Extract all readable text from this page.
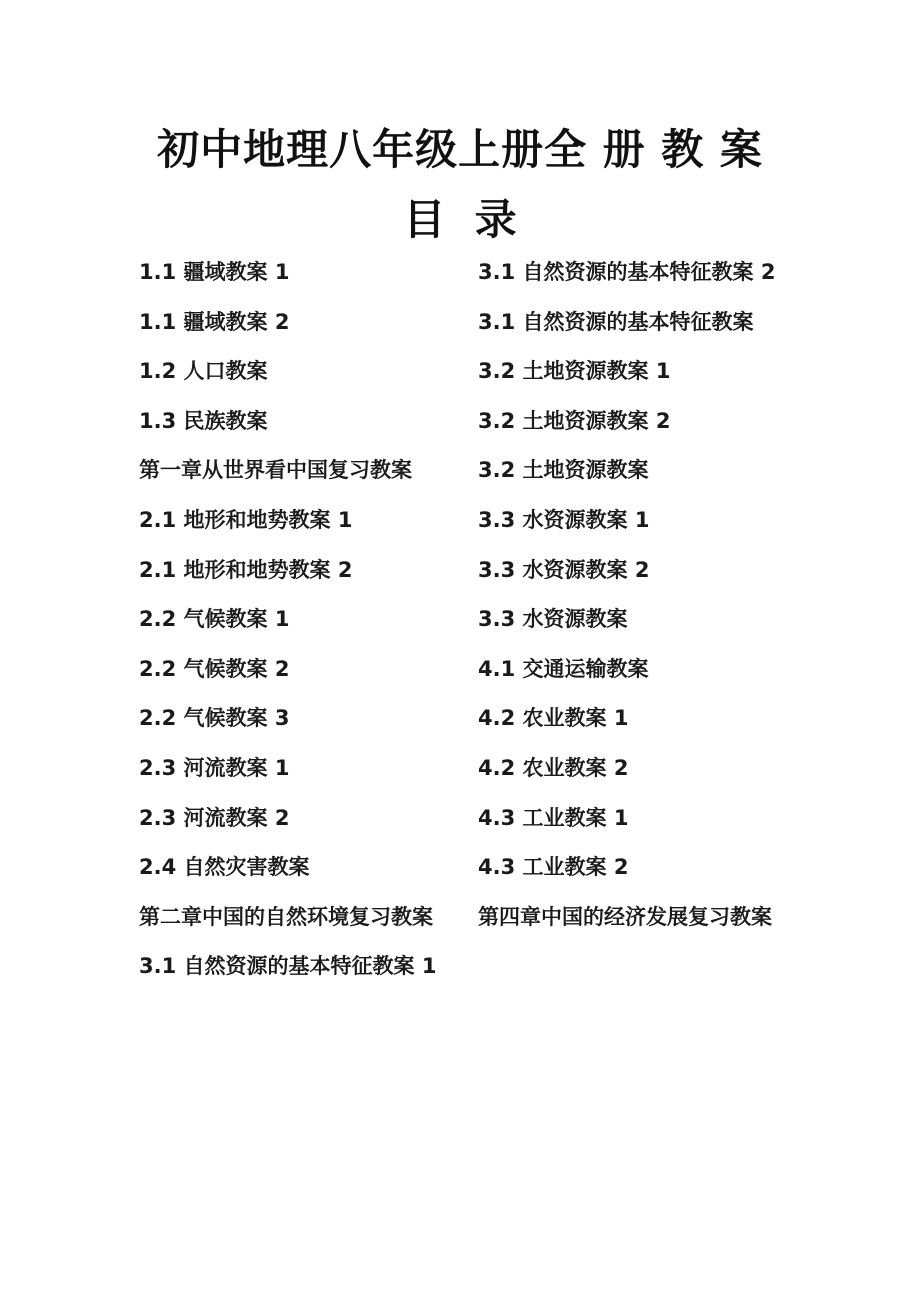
初中地理八年级上册全 册 教 案
目  录
1.1 疆域教案 1
1.1 疆域教案 2
1.2 人口教案
1.3 民族教案
第一章从世界看中国复习教案
2.1 地形和地势教案 1
2.1 地形和地势教案 2
2.2 气候教案 1
2.2 气候教案 2
2.2 气候教案 3
2.3 河流教案 1
2.3 河流教案 2
2.4 自然灾害教案
第二章中国的自然环境复习教案
3.1 自然资源的基本特征教案 1
3.1 自然资源的基本特征教案 2
3.1 自然资源的基本特征教案
3.2 土地资源教案 1
3.2 土地资源教案 2
3.2 土地资源教案
3.3 水资源教案 1
3.3 水资源教案 2
3.3 水资源教案
4.1 交通运输教案
4.2 农业教案 1
4.2 农业教案 2
4.3 工业教案 1
4.3 工业教案 2
第四章中国的经济发展复习教案
